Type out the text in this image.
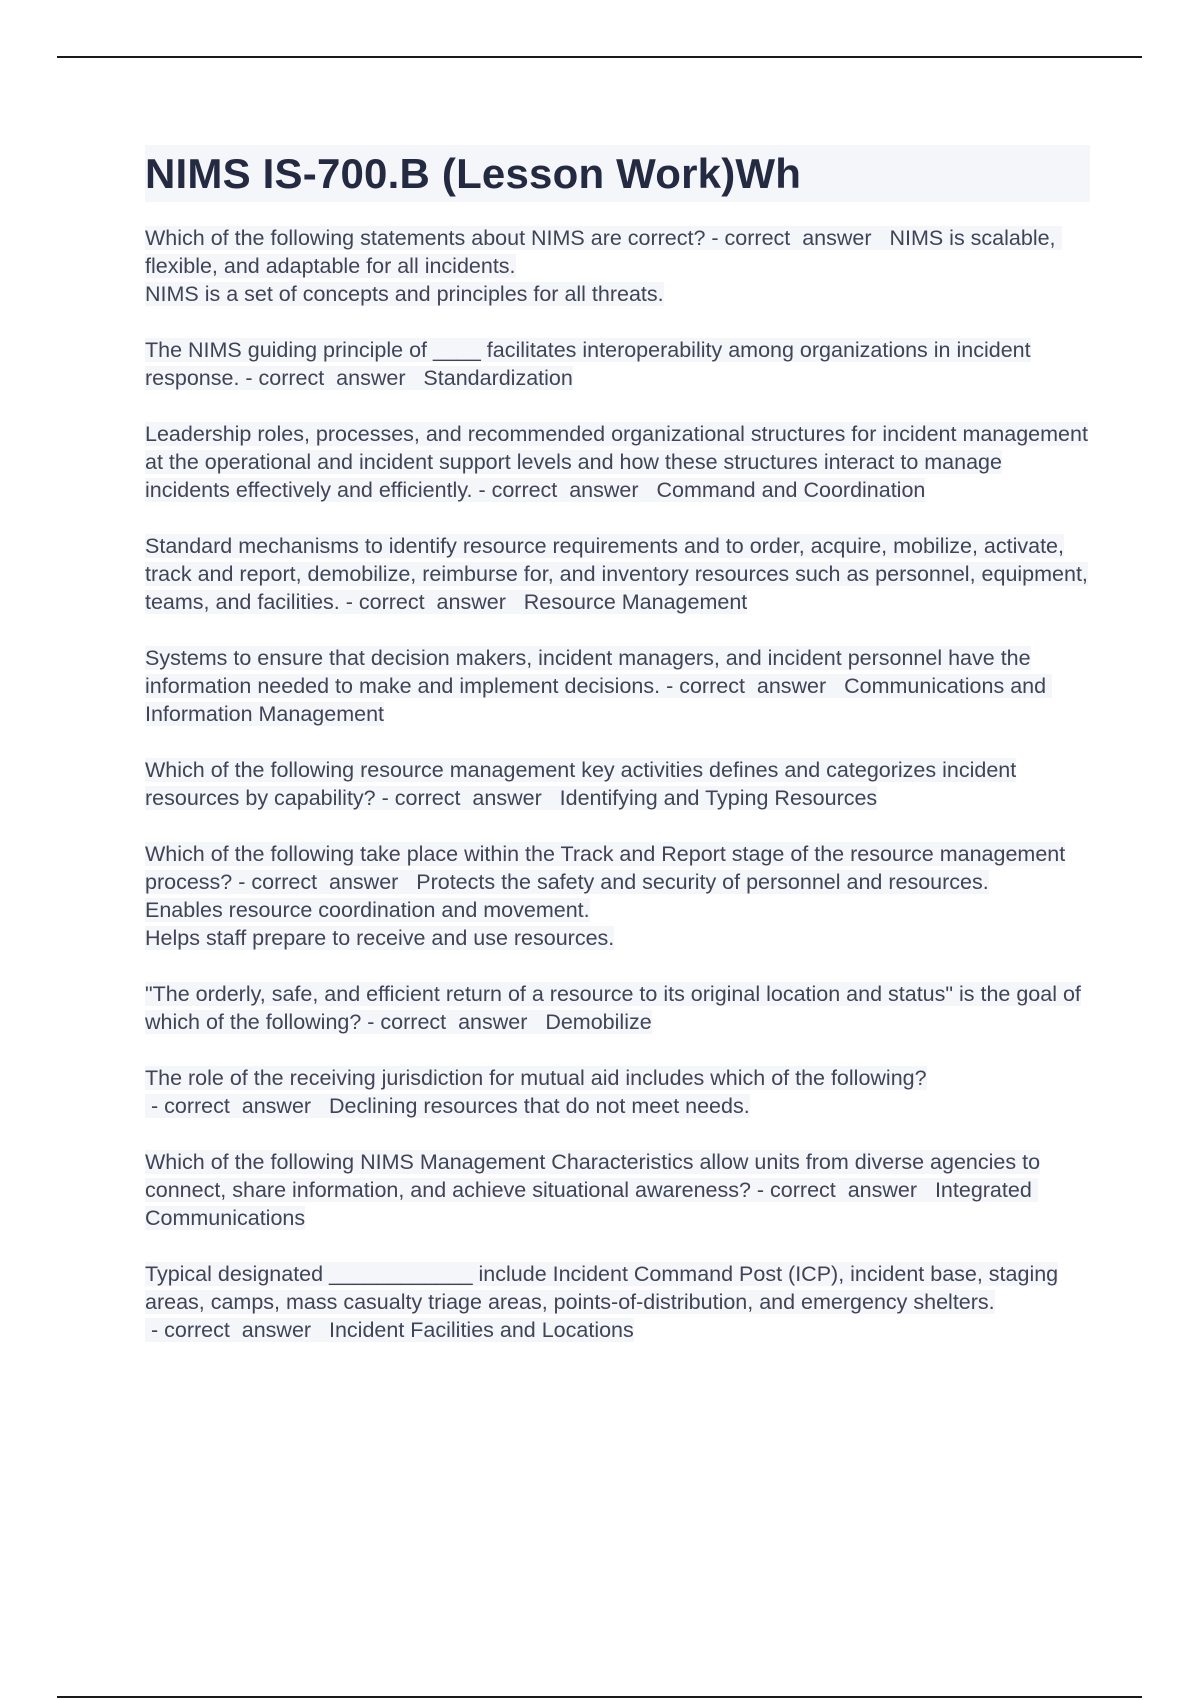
NIMS IS-700.B (Lesson Work)Wh
Which of the following statements about NIMS are correct? - correct  answer   NIMS is scalable, flexible, and adaptable for all incidents.
NIMS is a set of concepts and principles for all threats.
The NIMS guiding principle of ____ facilitates interoperability among organizations in incident response. - correct  answer   Standardization
Leadership roles, processes, and recommended organizational structures for incident management at the operational and incident support levels and how these structures interact to manage incidents effectively and efficiently. - correct  answer   Command and Coordination
Standard mechanisms to identify resource requirements and to order, acquire, mobilize, activate, track and report, demobilize, reimburse for, and inventory resources such as personnel, equipment, teams, and facilities. - correct  answer   Resource Management
Systems to ensure that decision makers, incident managers, and incident personnel have the information needed to make and implement decisions. - correct  answer   Communications and Information Management
Which of the following resource management key activities defines and categorizes incident resources by capability? - correct  answer   Identifying and Typing Resources
Which of the following take place within the Track and Report stage of the resource management process? - correct  answer   Protects the safety and security of personnel and resources.
Enables resource coordination and movement.
Helps staff prepare to receive and use resources.
"The orderly, safe, and efficient return of a resource to its original location and status" is the goal of which of the following? - correct  answer   Demobilize
The role of the receiving jurisdiction for mutual aid includes which of the following? - correct  answer   Declining resources that do not meet needs.
Which of the following NIMS Management Characteristics allow units from diverse agencies to connect, share information, and achieve situational awareness? - correct  answer   Integrated Communications
Typical designated ____________ include Incident Command Post (ICP), incident base, staging areas, camps, mass casualty triage areas, points-of-distribution, and emergency shelters. - correct  answer   Incident Facilities and Locations
